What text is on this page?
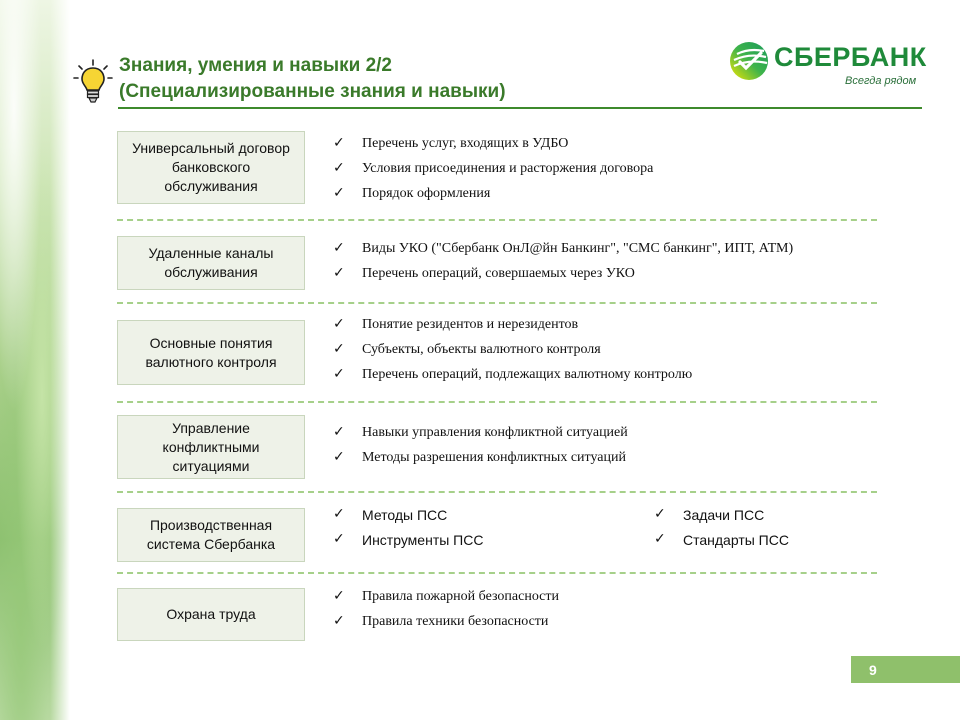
Знания, умения и навыки 2/2
(Специализированные знания и навыки)
СБЕРБАНК
Всегда рядом
Универсальный договор банковского обслуживания
✓ Перечень услуг, входящих в УДБО
✓ Условия присоединения и расторжения договора
✓ Порядок оформления
Удаленные каналы обслуживания
✓ Виды УКО ("Сбербанк ОнЛ@йн Банкинг", "СМС банкинг", ИПТ, АТМ)
✓ Перечень операций, совершаемых через УКО
Основные понятия валютного контроля
✓ Понятие резидентов и нерезидентов
✓ Субъекты, объекты валютного контроля
✓ Перечень операций, подлежащих валютному контролю
Управление конфликтными ситуациями
✓ Навыки управления конфликтной ситуацией
✓ Методы разрешения конфликтных ситуаций
Производственная система Сбербанка
✓ Методы ПСС
✓ Инструменты ПСС
✓ Задачи ПСС
✓ Стандарты ПСС
Охрана труда
✓ Правила пожарной безопасности
✓ Правила техники безопасности
9
